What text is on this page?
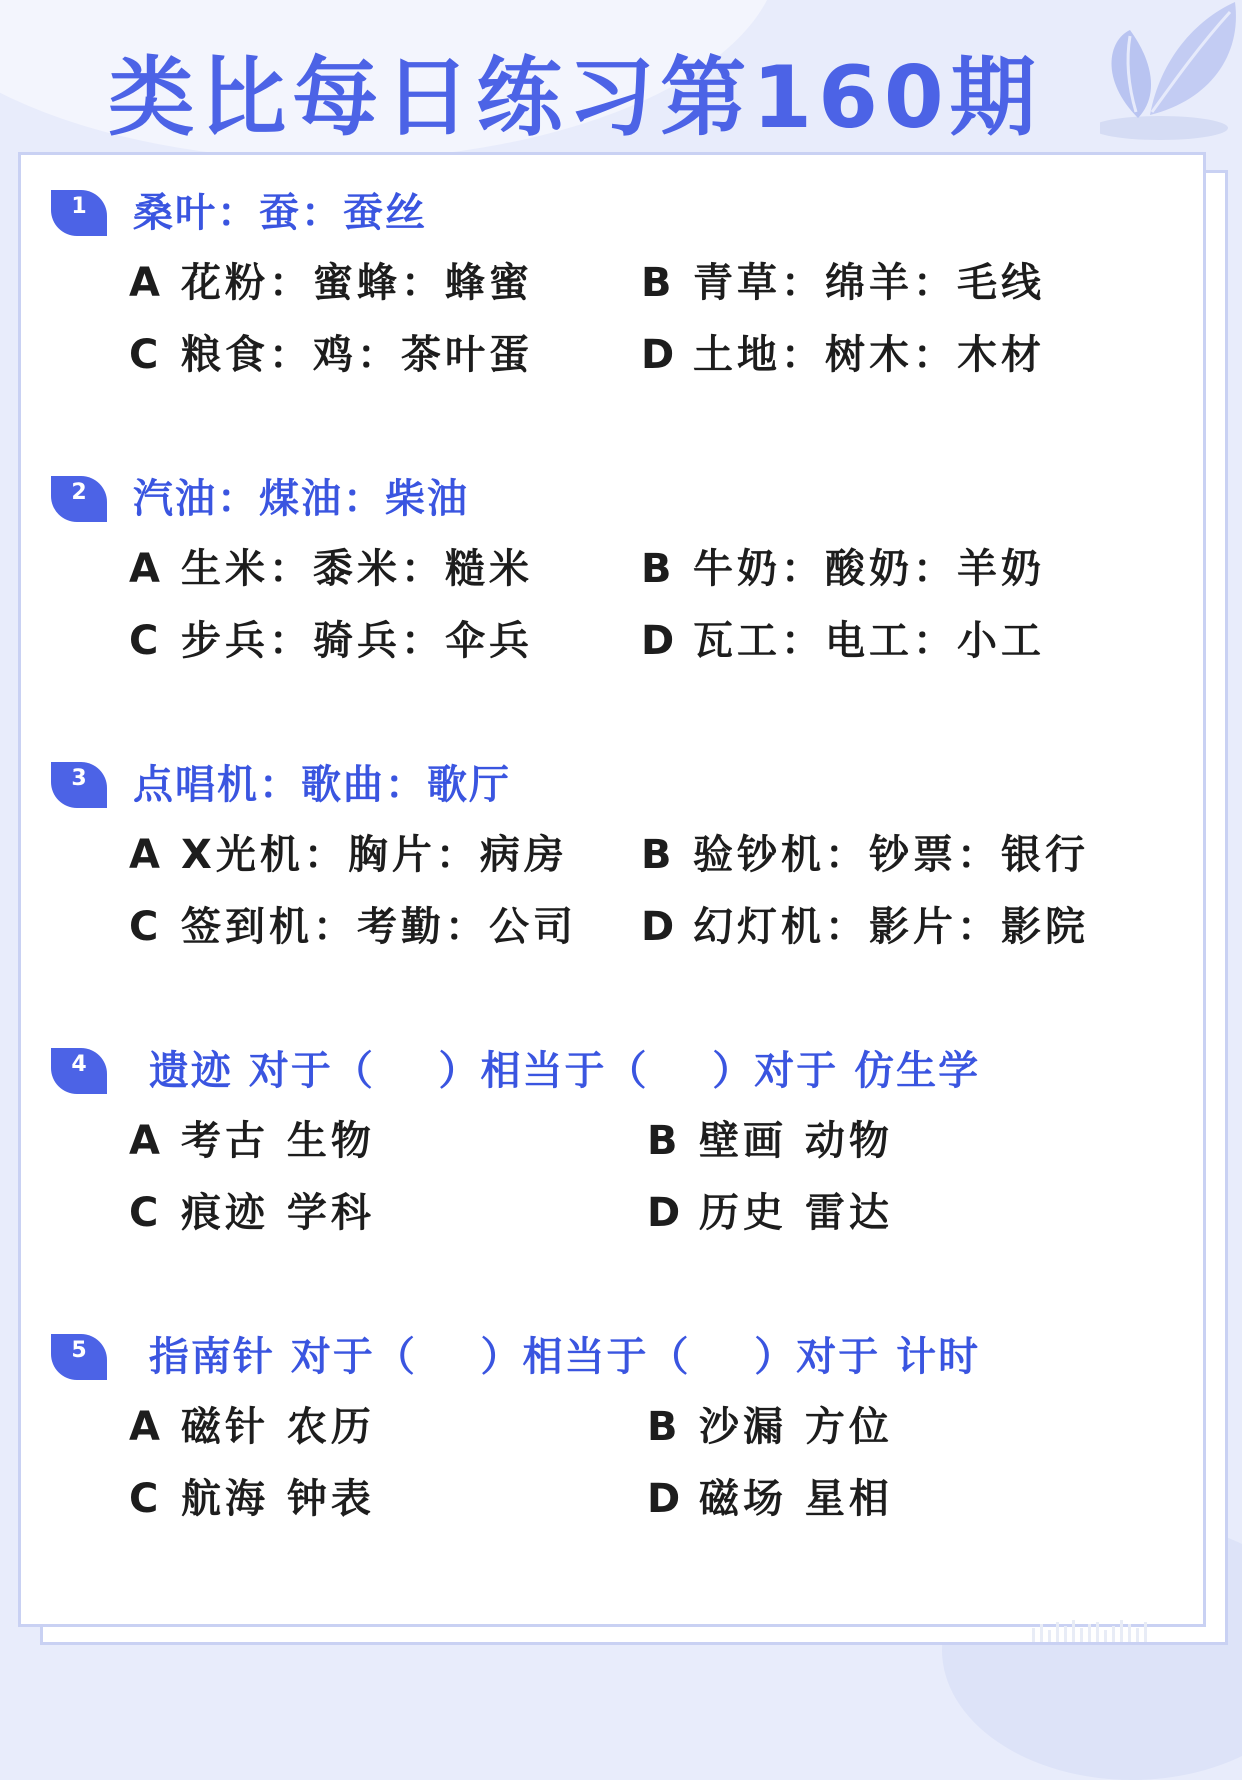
类比每日练习第160期
1	桑叶：蚕：蚕丝
A 花粉：蜜蜂：蜂蜜	B 青草：绵羊：毛线
C 粮食：鸡：茶叶蛋	D 土地：树木：木材
2	汽油：煤油：柴油
A 生米：黍米：糙米	B 牛奶：酸奶：羊奶
C 步兵：骑兵：伞兵	D 瓦工：电工：小工
3	点唱机：歌曲：歌厅
A X光机：胸片：病房 B 验钞机：钞票：银行
C 签到机：考勤：公司 D 幻灯机：影片：影院
4	遗迹 对于（    ）相当于（    ）对于 仿生学
A 考古 生物	B 壁画 动物
C 痕迹 学科	D 历史 雷达
5	指南针 对于（    ）相当于（    ）对于 计时
A 磁针 农历	B 沙漏 方位
C 航海 钟表	D 磁场 星相
